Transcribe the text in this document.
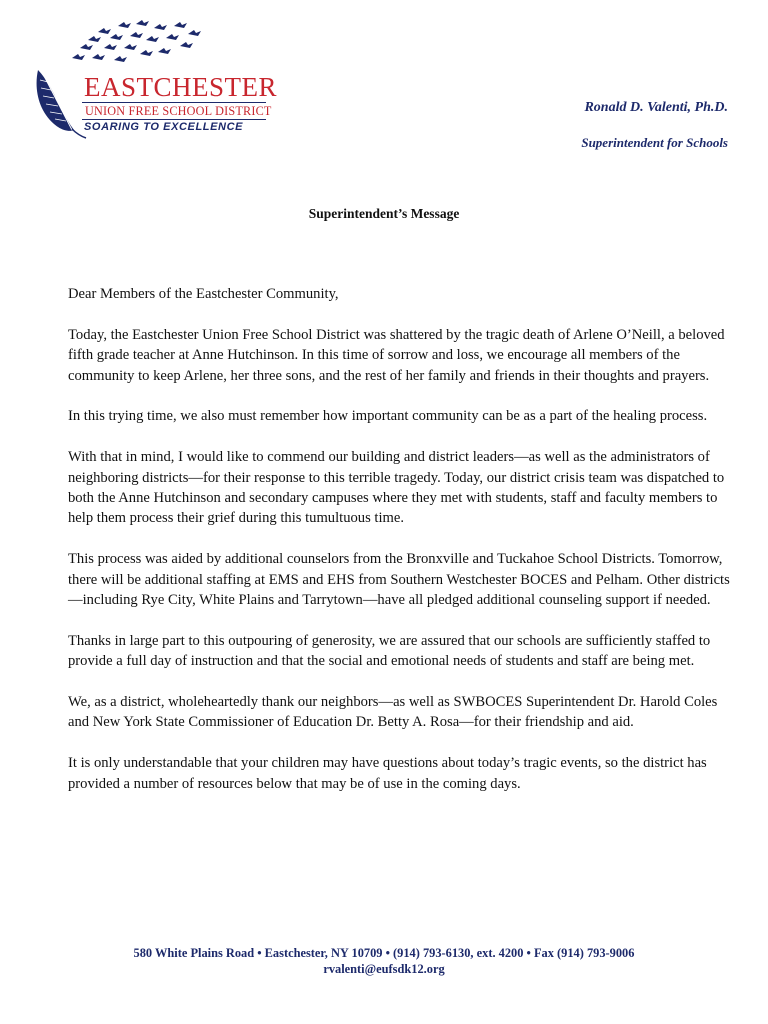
EASTCHESTER
UNION FREE SCHOOL DISTRICT
SOARING TO EXCELLENCE
Ronald D. Valenti, Ph.D.
Superintendent for Schools
Superintendent’s Message

Dear Members of the Eastchester Community,

Today, the Eastchester Union Free School District was shattered by the tragic death of Arlene O’Neill, a beloved fifth grade teacher at Anne Hutchinson. In this time of sorrow and loss, we encourage all members of the community to keep Arlene, her three sons, and the rest of her family and friends in their thoughts and prayers.

In this trying time, we also must remember how important community can be as a part of the healing process.

With that in mind, I would like to commend our building and district leaders—as well as the administrators of neighboring districts—for their response to this terrible tragedy. Today, our district crisis team was dispatched to both the Anne Hutchinson and secondary campuses where they met with students, staff and faculty members to help them process their grief during this tumultuous time.

This process was aided by additional counselors from the Bronxville and Tuckahoe School Districts. Tomorrow, there will be additional staffing at EMS and EHS from Southern Westchester BOCES and Pelham. Other districts—including Rye City, White Plains and Tarrytown—have all pledged additional counseling support if needed.

Thanks in large part to this outpouring of generosity, we are assured that our schools are sufficiently staffed to provide a full day of instruction and that the social and emotional needs of students and staff are being met.

We, as a district, wholeheartedly thank our neighbors—as well as SWBOCES Superintendent Dr. Harold Coles and New York State Commissioner of Education Dr. Betty A. Rosa—for their friendship and aid.

It is only understandable that your children may have questions about today’s tragic events, so the district has provided a number of resources below that may be of use in the coming days.

580 White Plains Road • Eastchester, NY 10709 • (914) 793-6130, ext. 4200 • Fax (914) 793-9006
rvalenti@eufsdk12.org
